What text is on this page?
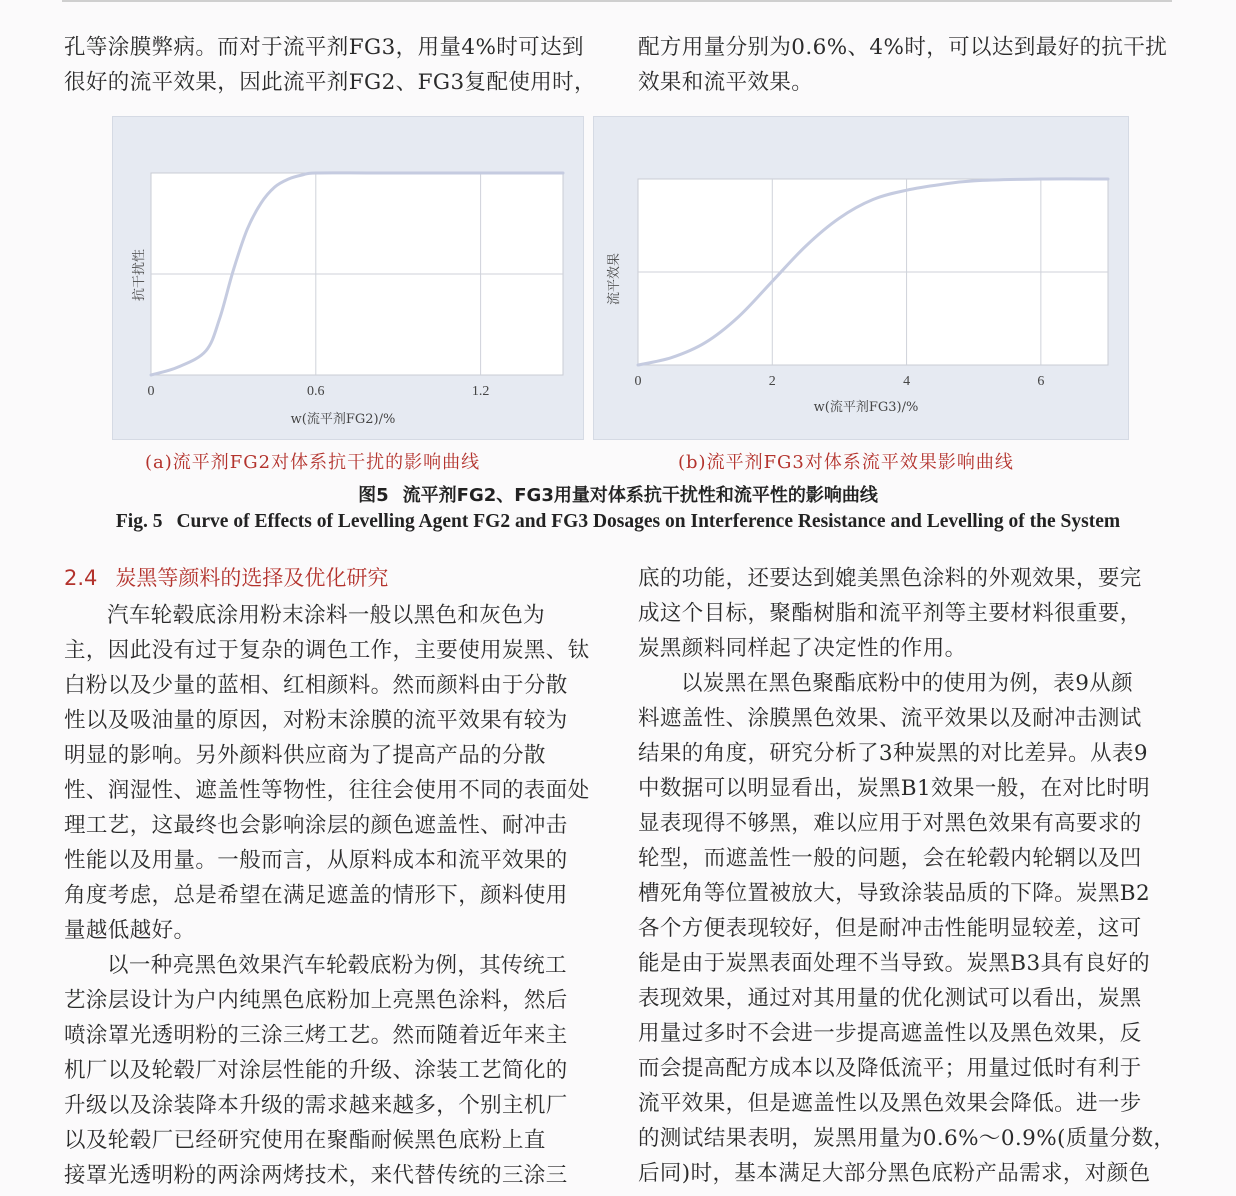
孔等涂膜弊病。而对于流平剂FG3，用量4%时可达到

很好的流平效果，因此流平剂FG2、FG3复配使用时，

配方用量分别为0.6%、4%时，可以达到最好的抗干扰

效果和流平效果。

0	0.6	1.2
抗干扰性
w(流平剂FG2)/%
0	2	4	6
流平效果
w(流平剂FG3)/%
(a)流平剂FG2对体系抗干扰的影响曲线	(b)流平剂FG3对体系流平效果影响曲线
图5 流平剂FG2、FG3用量对体系抗干扰性和流平性的影响曲线
Fig. 5 Curve of Effects of Levelling Agent FG2 and FG3 Dosages on Interference Resistance and Levelling of the System
2.4 炭黑等颜料的选择及优化研究

汽车轮毂底涂用粉末涂料一般以黑色和灰色为

主，因此没有过于复杂的调色工作，主要使用炭黑、钛

白粉以及少量的蓝相、红相颜料。然而颜料由于分散

性以及吸油量的原因，对粉末涂膜的流平效果有较为

明显的影响。另外颜料供应商为了提高产品的分散

性、润湿性、遮盖性等物性，往往会使用不同的表面处

理工艺，这最终也会影响涂层的颜色遮盖性、耐冲击

性能以及用量。一般而言，从原料成本和流平效果的

角度考虑，总是希望在满足遮盖的情形下，颜料使用

量越低越好。

以一种亮黑色效果汽车轮毂底粉为例，其传统工

艺涂层设计为户内纯黑色底粉加上亮黑色涂料，然后

喷涂罩光透明粉的三涂三烤工艺。然而随着近年来主

机厂以及轮毂厂对涂层性能的升级、涂装工艺简化的

升级以及涂装降本升级的需求越来越多，个别主机厂

以及轮毂厂已经研究使用在聚酯耐候黑色底粉上直

接罩光透明粉的两涂两烤技术，来代替传统的三涂三

底的功能，还要达到媲美黑色涂料的外观效果，要完

成这个目标，聚酯树脂和流平剂等主要材料很重要，

炭黑颜料同样起了决定性的作用。

以炭黑在黑色聚酯底粉中的使用为例，表9从颜

料遮盖性、涂膜黑色效果、流平效果以及耐冲击测试

结果的角度，研究分析了3种炭黑的对比差异。从表9

中数据可以明显看出，炭黑B1效果一般，在对比时明

显表现得不够黑，难以应用于对黑色效果有高要求的

轮型，而遮盖性一般的问题，会在轮毂内轮辋以及凹

槽死角等位置被放大，导致涂装品质的下降。炭黑B2

各个方便表现较好，但是耐冲击性能明显较差，这可

能是由于炭黑表面处理不当导致。炭黑B3具有良好的

表现效果，通过对其用量的优化测试可以看出，炭黑

用量过多时不会进一步提高遮盖性以及黑色效果，反

而会提高配方成本以及降低流平；用量过低时有利于

流平效果，但是遮盖性以及黑色效果会降低。进一步

的测试结果表明，炭黑用量为0.6%～0.9%(质量分数，

后同)时，基本满足大部分黑色底粉产品需求，对颜色
